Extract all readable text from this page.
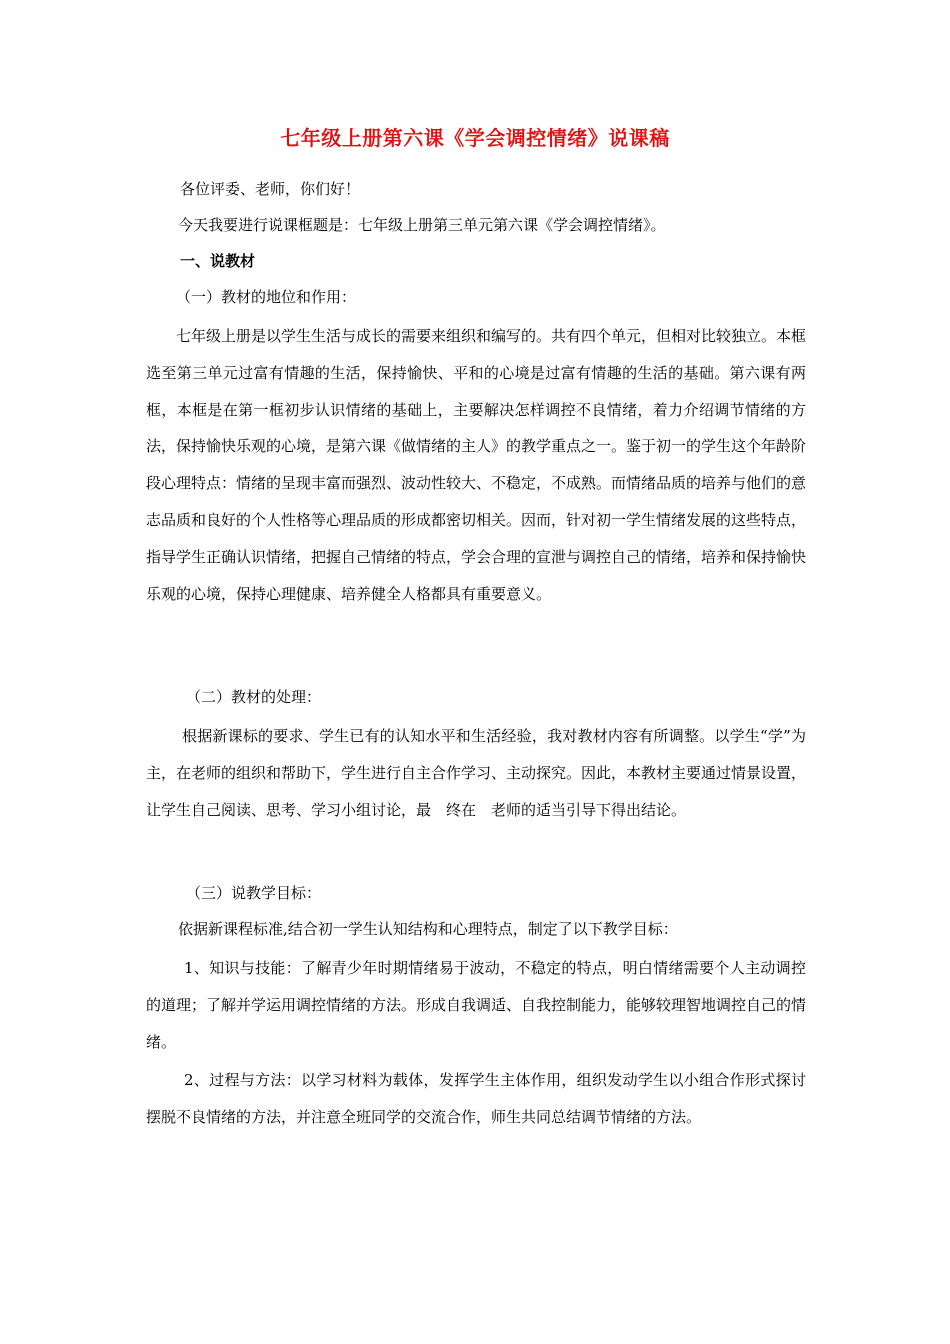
七年级上册第六课《学会调控情绪》说课稿
各位评委、老师，你们好！
今天我要进行说课框题是：七年级上册第三单元第六课《学会调控情绪》。
一、说教材
（一）教材的地位和作用：

七年级上册是以学生生活与成长的需要来组织和编写的。共有四个单元，但相对比较独立。本框选至第三单元过富有情趣的生活，保持愉快、平和的心境是过富有情趣的生活的基础。第六课有两框，本框是在第一框初步认识情绪的基础上，主要解决怎样调控不良情绪，着力介绍调节情绪的方法，保持愉快乐观的心境，是第六课《做情绪的主人》的教学重点之一。鉴于初一的学生这个年龄阶段心理特点：情绪的呈现丰富而强烈、波动性较大、不稳定，不成熟。而情绪品质的培养与他们的意志品质和良好的个人性格等心理品质的形成都密切相关。因而，针对初一学生情绪发展的这些特点，指导学生正确认识情绪，把握自己情绪的特点，学会合理的宣泄与调控自己的情绪，培养和保持愉快乐观的心境，保持心理健康、培养健全人格都具有重要意义。

（二）教材的处理：

根据新课标的要求、学生已有的认知水平和生活经验，我对教材内容有所调整。以学生“学”为主，在老师的组织和帮助下，学生进行自主合作学习、主动探究。因此，本教材主要通过情景设置，让学生自己阅读、思考、学习小组讨论，最　终在　老师的适当引导下得出结论。

（三）说教学目标：
依据新课程标准,结合初一学生认知结构和心理特点，制定了以下教学目标：

1、知识与技能：了解青少年时期情绪易于波动，不稳定的特点，明白情绪需要个人主动调控的道理；了解并学运用调控情绪的方法。形成自我调适、自我控制能力，能够较理智地调控自己的情绪。

2、过程与方法：以学习材料为载体，发挥学生主体作用，组织发动学生以小组合作形式探讨摆脱不良情绪的方法，并注意全班同学的交流合作，师生共同总结调节情绪的方法。
